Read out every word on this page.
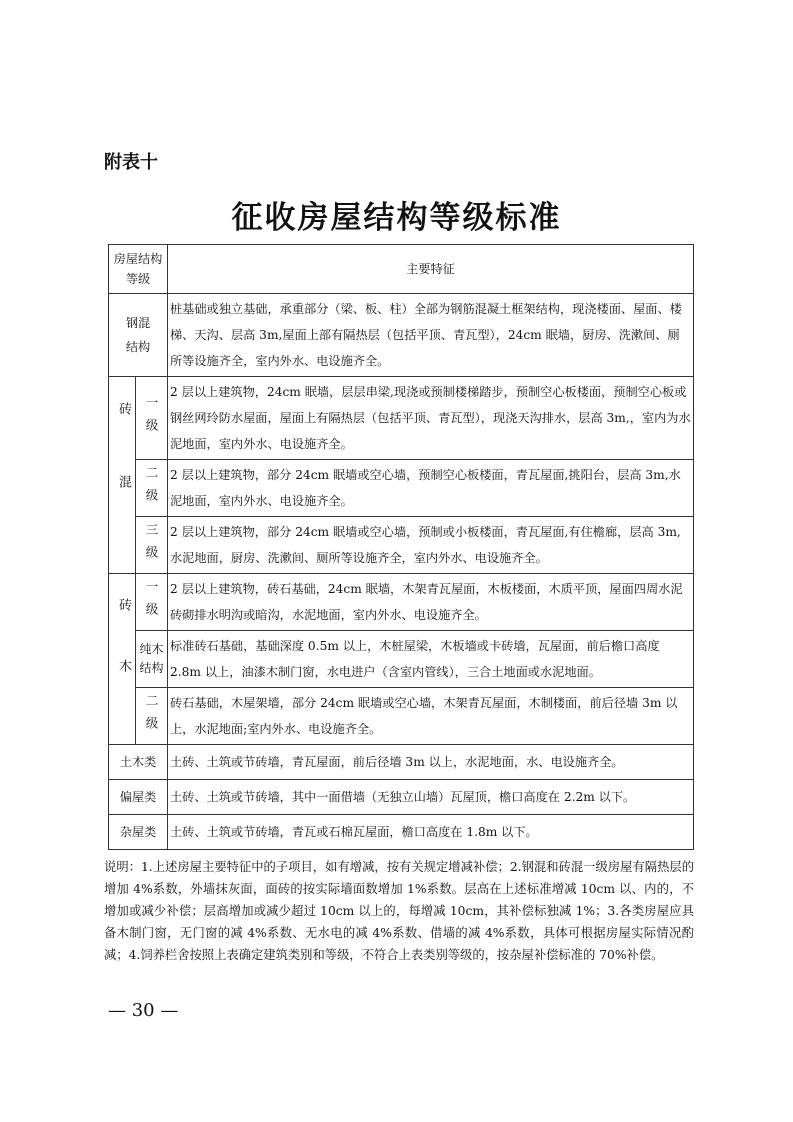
附表十
征收房屋结构等级标准
房屋结构等级		主要特征
钢混结构		桩基础或独立基础，承重部分（梁、板、柱）全部为钢筋混凝土框架结构，现浇楼面、屋面、楼梯、天沟、层高 3m,屋面上部有隔热层（包括平顶、青瓦型），24cm 眠墙，厨房、洗漱间、厕所等设施齐全，室内外水、电设施齐全。

砖混	一级	2 层以上建筑物，24cm 眠墙，层层串梁,现浇或预制楼梯踏步，预制空心板楼面，预制空心板或钢丝网玲防水屋面，屋面上有隔热层（包括平顶、青瓦型），现浇天沟排水，层高 3m,，室内为水泥地面，室内外水、电设施齐全。

	二级	2 层以上建筑物，部分 24cm 眠墙或空心墙，预制空心板楼面，青瓦屋面,挑阳台，层高 3m,水泥地面，室内外水、电设施齐全。

	三级	2 层以上建筑物，部分 24cm 眠墙或空心墙，预制或小板楼面，青瓦屋面,有住檐廊，层高 3m,水泥地面，厨房、洗漱间、厕所等设施齐全，室内外水、电设施齐全。

砖木	一级	2 层以上建筑物，砖石基础，24cm 眠墙，木架青瓦屋面，木板楼面，木质平顶，屋面四周水泥砖砌排水明沟或暗沟，水泥地面，室内外水、电设施齐全。

	纯木结构	标准砖石基础，基础深度 0.5m 以上，木桩屋梁，木板墙或卡砖墙，瓦屋面，前后檐口高度 2.8m 以上，油漆木制门窗，水电进户（含室内管线），三合土地面或水泥地面。

	二级	砖石基础，木屋架墙，部分 24cm 眠墙或空心墙，木架青瓦屋面，木制楼面，前后径墙 3m 以上，水泥地面;室内外水、电设施齐全。
土木类		土砖、土筑或节砖墙，青瓦屋面，前后径墙 3m 以上，水泥地面，水、电设施齐全。
偏屋类		土砖、土筑或节砖墙，其中一面借墙（无独立山墙）瓦屋顶，檐口高度在 2.2m 以下。
杂屋类		土砖、土筑或节砖墙，青瓦或石棉瓦屋面，檐口高度在 1.8m 以下。
说明：1.上述房屋主要特征中的子项目，如有增减，按有关规定增减补偿；2.钢混和砖混一级房屋有隔热层的增加 4%系数，外墙抹灰面，面砖的按实际墙面数增加 1%系数。层高在上述标准增减 10cm 以、内的，不增加或减少补偿；层高增加或减少超过 10cm 以上的，每增减 10cm，其补偿标独减 1%；3.各类房屋应具备木制门窗，无门窗的减 4%系数、无水电的减 4%系数、借墙的减 4%系数，具体可根据房屋实际情况酌减；4.饲养栏舍按照上表确定建筑类别和等级，不符合上表类别等级的，按杂屋补偿标准的 70%补偿。
— 30 —
